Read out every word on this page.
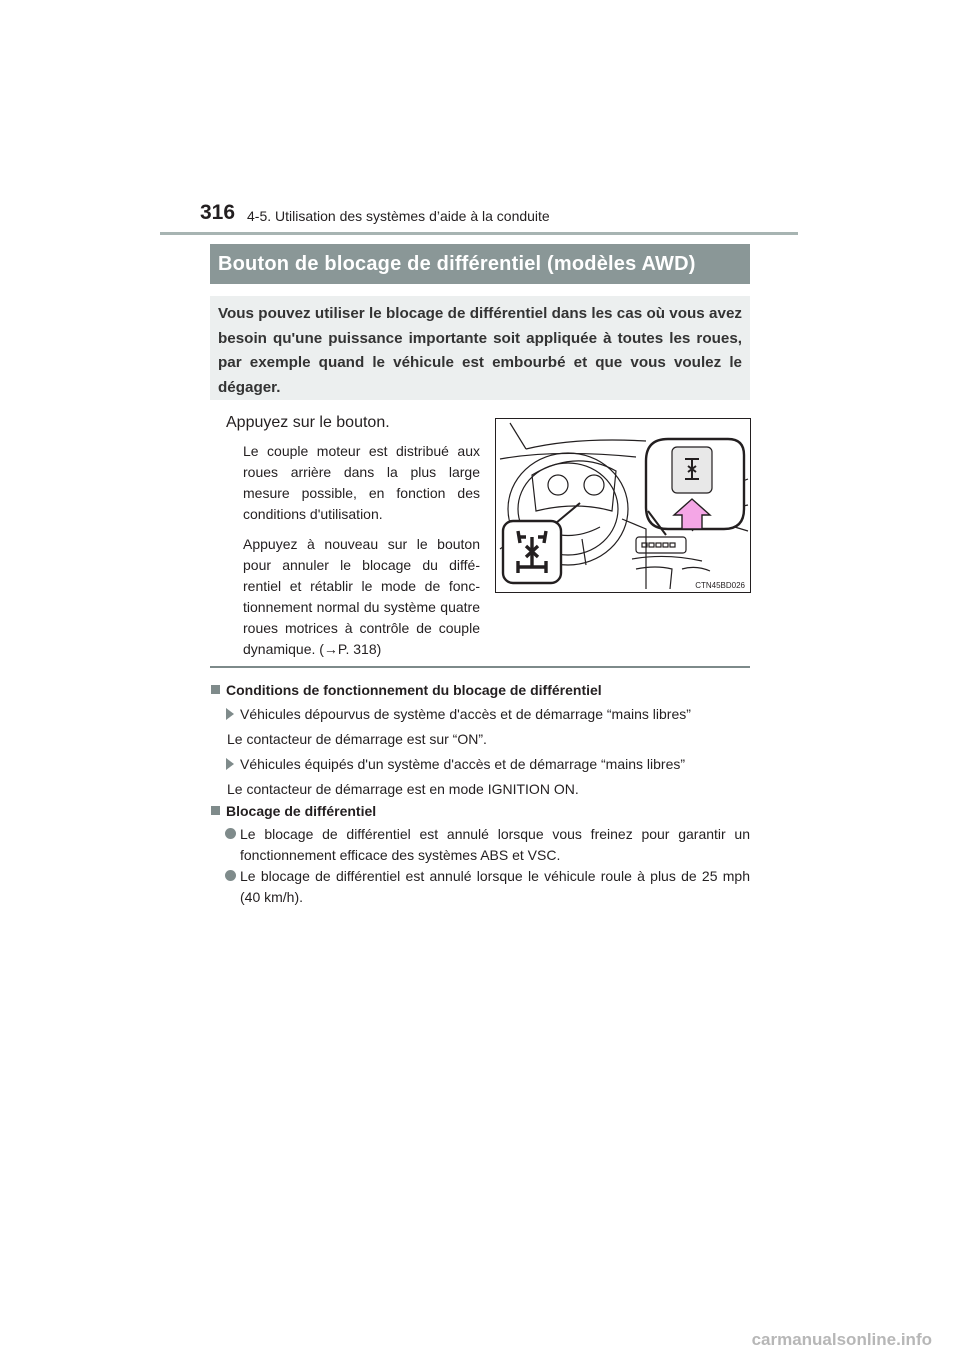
316 4-5. Utilisation des systèmes d’aide à la conduite
Bouton de blocage de différentiel (modèles AWD)
Vous pouvez utiliser le blocage de différentiel dans les cas où vous avez besoin qu'une puissance importante soit appliquée à toutes les roues, par exemple quand le véhicule est embourbé et que vous voulez le dégager.
Appuyez sur le bouton.

Le couple moteur est distribué aux roues arrière dans la plus large mesure possible, en fonction des conditions d'utilisation.

Appuyez à nouveau sur le bouton pour annuler le blocage du diffé-rentiel et rétablir le mode de fonc-tionnement normal du système quatre roues motrices à contrôle de couple dynamique. (→P. 318)

CTN45BD026
Conditions de fonctionnement du blocage de différentiel
Véhicules dépourvus de système d'accès et de démarrage “mains libres”
Le contacteur de démarrage est sur “ON”.
Véhicules équipés d'un système d'accès et de démarrage “mains libres”
Le contacteur de démarrage est en mode IGNITION ON.
Blocage de différentiel
Le blocage de différentiel est annulé lorsque vous freinez pour garantir un fonctionnement efficace des systèmes ABS et VSC.
Le blocage de différentiel est annulé lorsque le véhicule roule à plus de 25 mph (40 km/h).
carmanualsonline.info
